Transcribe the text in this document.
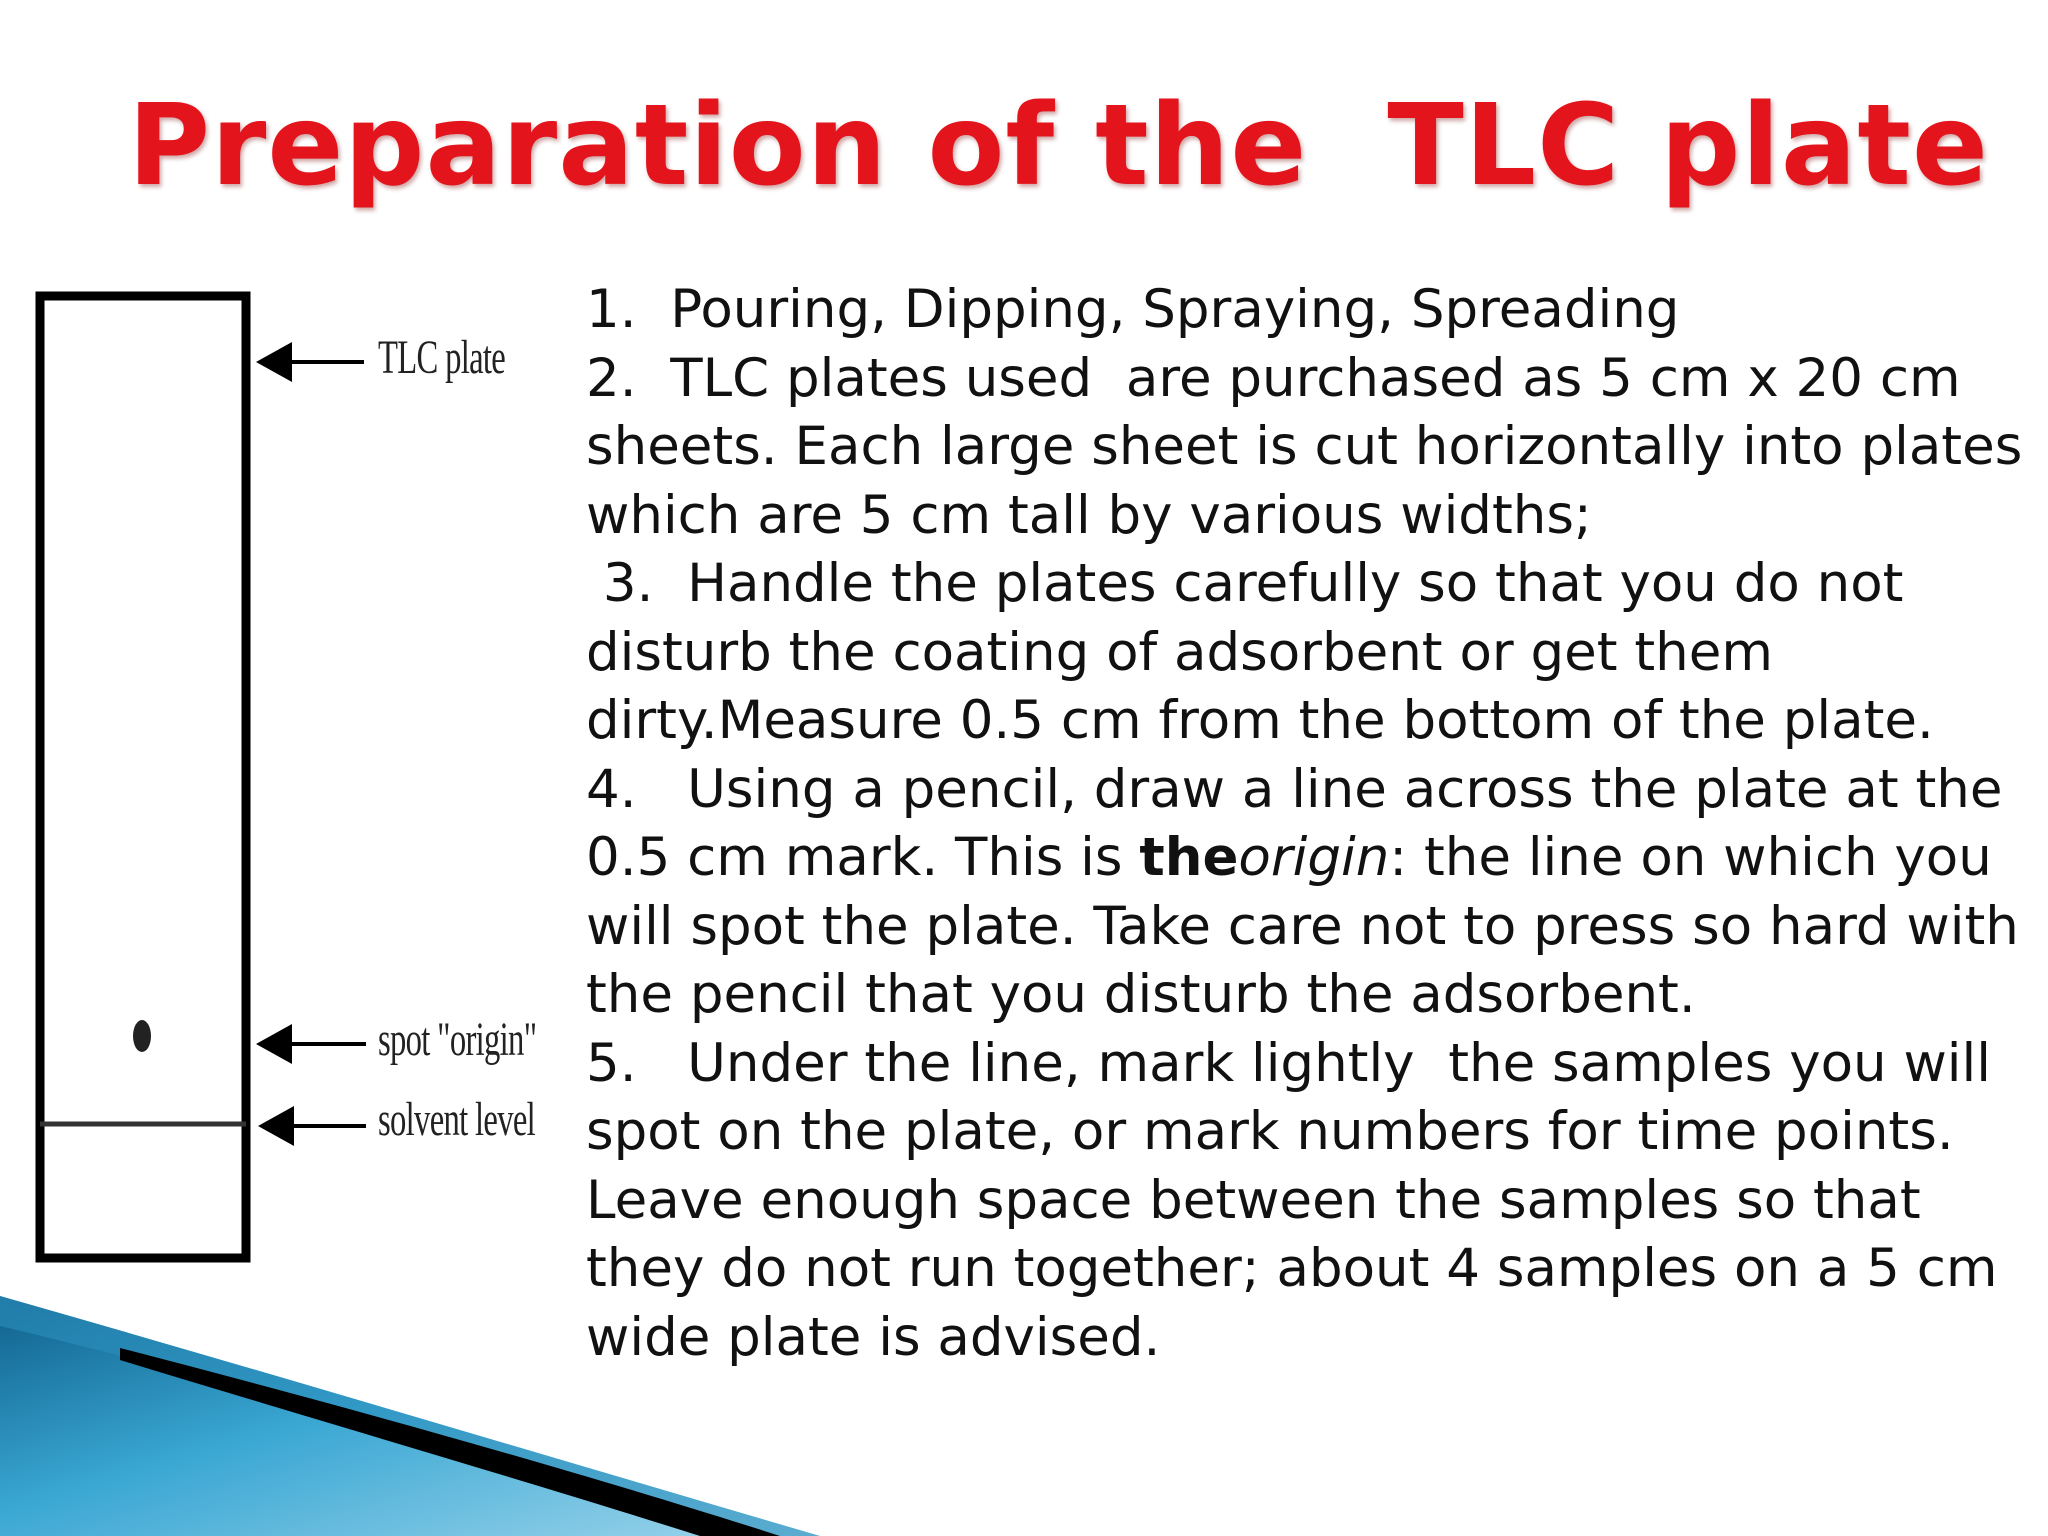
Preparation of the  TLC plate
TLC plate
spot "origin"
solvent level

1.  Pouring, Dipping, Spraying, Spreading

2.  TLC plates used  are purchased as 5 cm x 20 cm sheets. Each large sheet is cut horizontally into plates which are 5 cm tall by various widths;

3.  Handle the plates carefully so that you do not disturb the coating of adsorbent or get them dirty.Measure 0.5 cm from the bottom of the plate.

4.   Using a pencil, draw a line across the plate at the 0.5 cm mark. This is theorigin: the line on which you will spot the plate. Take care not to press so hard with the pencil that you disturb the adsorbent.

5.   Under the line, mark lightly  the samples you will spot on the plate, or mark numbers for time points. Leave enough space between the samples so that they do not run together; about 4 samples on a 5 cm wide plate is advised.
